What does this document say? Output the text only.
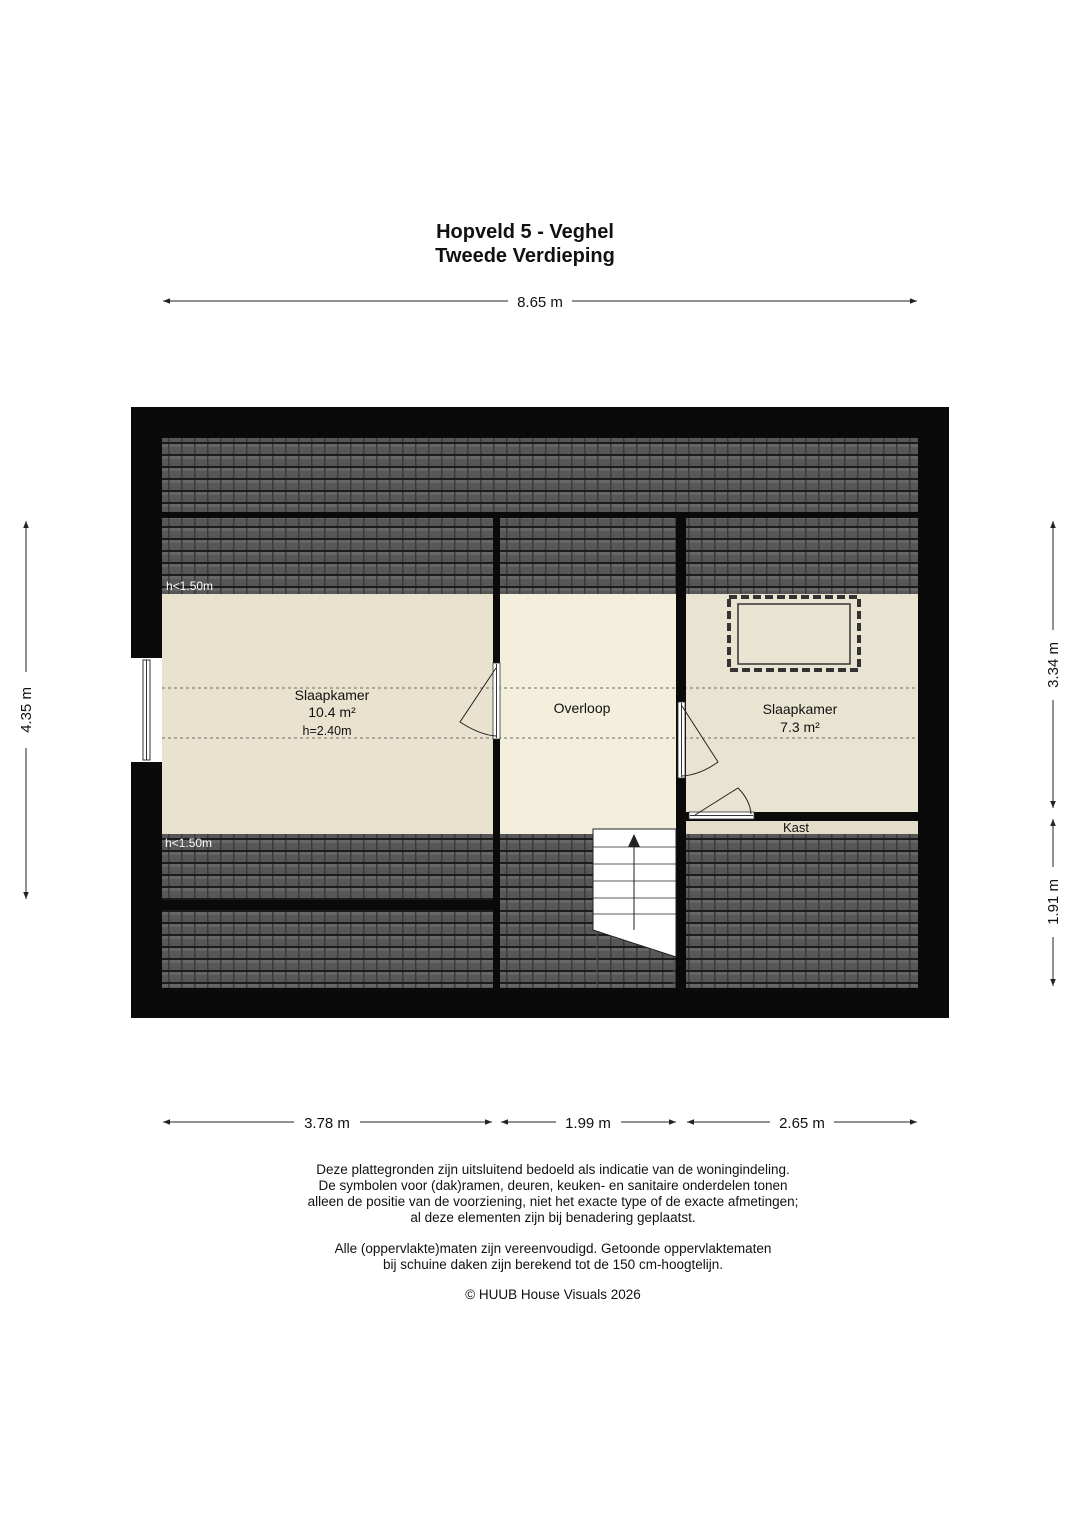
Hopveld 5 - Veghel
Tweede Verdieping
Slaapkamer
10.4 m²
h=2.40m
Overloop	Slaapkamer
7.3 m²
Kast
h<1.50m
h<1.50m
8.65 m
4.35 m
3.34 m
1.91 m
3.78 m	1.99 m	2.65 m
Deze plattegronden zijn uitsluitend bedoeld als indicatie van de woningindeling.
De symbolen voor (dak)ramen, deuren, keuken- en sanitaire onderdelen tonen
alleen de positie van de voorziening, niet het exacte type of de exacte afmetingen;
al deze elementen zijn bij benadering geplaatst.
Alle (oppervlakte)maten zijn vereenvoudigd. Getoonde oppervlaktematen
bij schuine daken zijn berekend tot de 150 cm-hoogtelijn.
© HUUB House Visuals 2026
